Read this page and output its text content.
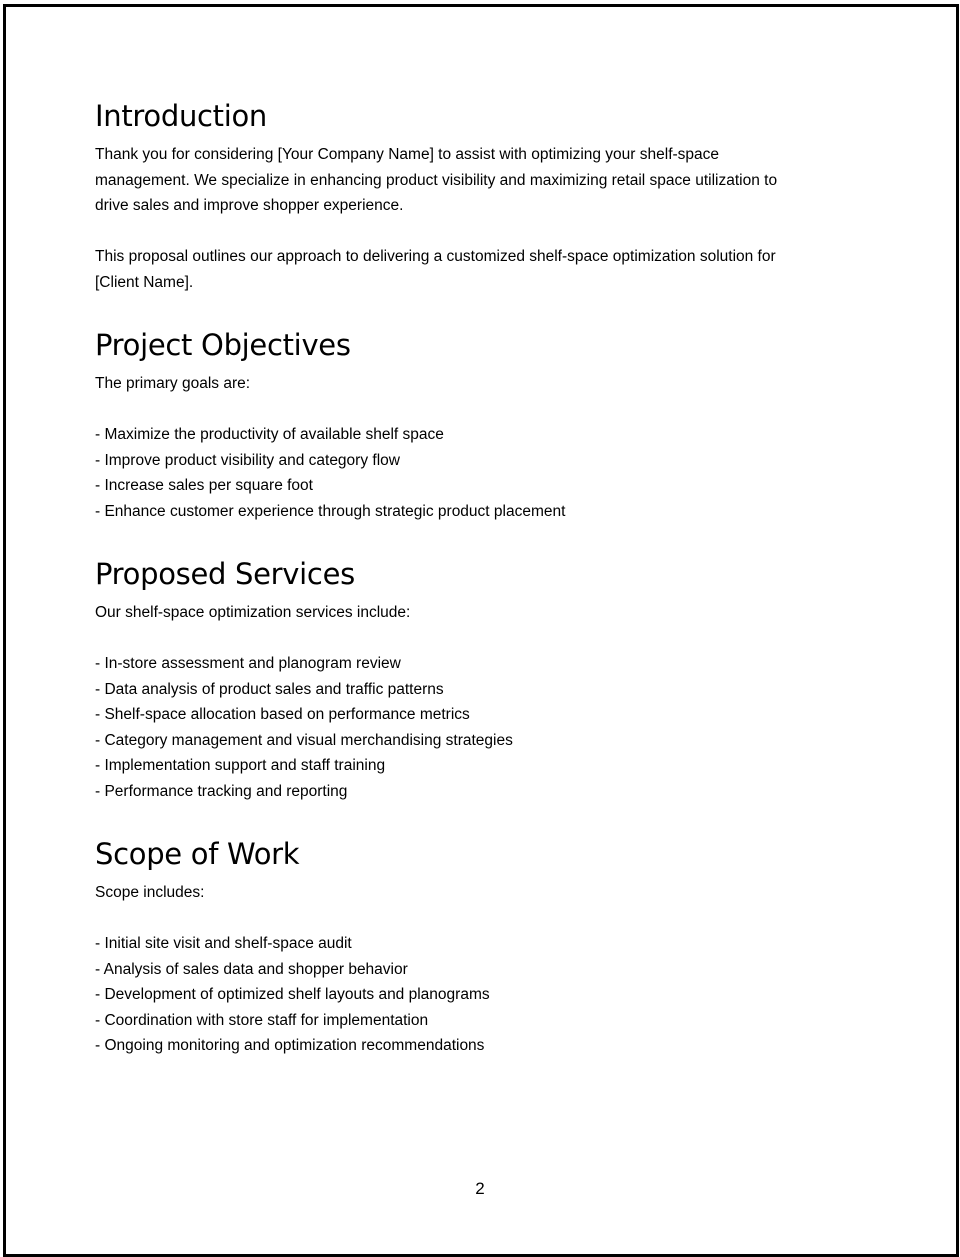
Introduction

Thank you for considering [Your Company Name] to assist with optimizing your shelf-space
management. We specialize in enhancing product visibility and maximizing retail space utilization to
drive sales and improve shopper experience.

This proposal outlines our approach to delivering a customized shelf-space optimization solution for
[Client Name].

Project Objectives

The primary goals are:

- Maximize the productivity of available shelf space
- Improve product visibility and category flow
- Increase sales per square foot
- Enhance customer experience through strategic product placement
Proposed Services

Our shelf-space optimization services include:

- In-store assessment and planogram review
- Data analysis of product sales and traffic patterns
- Shelf-space allocation based on performance metrics
- Category management and visual merchandising strategies
- Implementation support and staff training
- Performance tracking and reporting
Scope of Work

Scope includes:

- Initial site visit and shelf-space audit
- Analysis of sales data and shopper behavior
- Development of optimized shelf layouts and planograms
- Coordination with store staff for implementation
- Ongoing monitoring and optimization recommendations
2
